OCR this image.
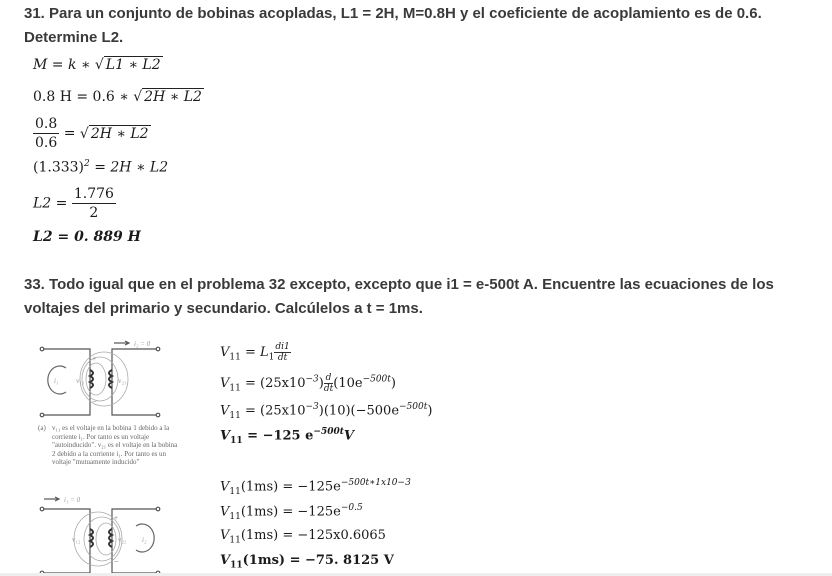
31. Para un conjunto de bobinas acopladas, L1 = 2H, M=0.8H y el coeficiente de acoplamiento es de 0.6. Determine L2.
M = k ∗ √ L1 ∗ L2
0.8 H = 0.6 ∗ √ 2H ∗ L2
$\frac{0.8}{0.6}$ = √ 2H ∗ L2
$(1.333)^2 = 2H$ ∗ L2
$L2 = \frac{1.776}{2}$
L2 = 0. 889 H
33. Todo igual que en el problema 32 excepto, excepto que i1 = e-500t A. Encuentre las ecuaciones de los voltajes del primario y secundario. Calcúlelos a t = 1ms.
i₂ = 0
i₁	v₁₁	v₂₁
+
−
(a) v₁₁ es el voltaje en la bobina 1 debido a la corriente i₁. Por tanto es un voltaje "autoinducido". v₂₁ es el voltaje en la bobina 2 debido a la corriente i₁. Por tanto es un voltaje "mutuamente inducido"
i₁ = 0
i₂
v₁₂	v₂₂
+
−
$V_{11} = L_1 \frac{di1}{dt}$
$V_{11} = (25x10^{-3}) \frac{d}{dt}(10e^{-500t})$
$V_{11} = (25x10^{-3})(10)(-500e^{-500t})$
$V_{11} = -125$ $e^{-500t}V$
$V_{11}(1ms) = -125e^{-500t∗1x10-3}$
$V_{11}(1ms) = -125e^{-0.5}$
$V_{11}(1ms) = -125x0.6065$
$V_{11}(1ms) = -75$. 8125 V
